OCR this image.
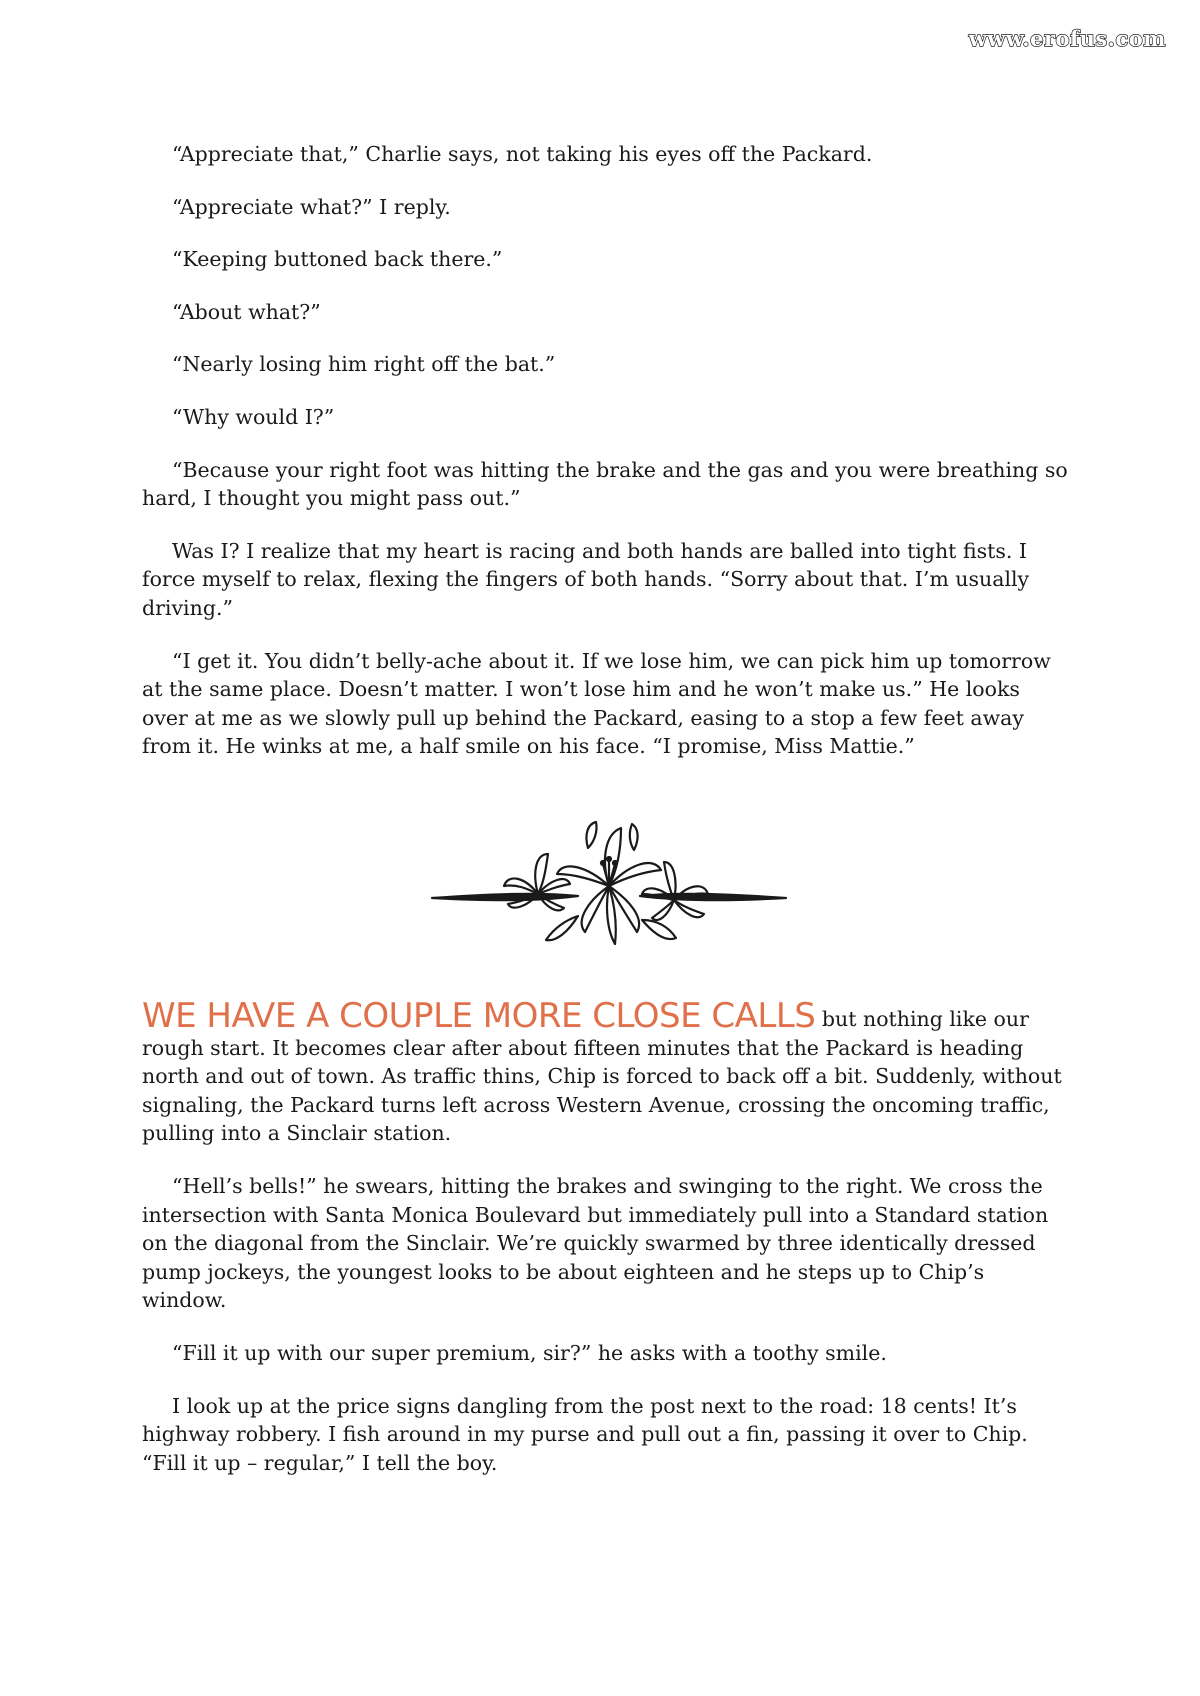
www.erofus.com

“Appreciate that,” Charlie says, not taking his eyes off the Packard.

“Appreciate what?” I reply.

“Keeping buttoned back there.”

“About what?”

“Nearly losing him right off the bat.”

“Why would I?”

“Because your right foot was hitting the brake and the gas and you were breathing so hard, I thought you might pass out.”

Was I? I realize that my heart is racing and both hands are balled into tight fists. I force myself to relax, flexing the fingers of both hands. “Sorry about that. I’m usually driving.”

“I get it. You didn’t belly-ache about it. If we lose him, we can pick him up tomorrow at the same place. Doesn’t matter. I won’t lose him and he won’t make us.” He looks over at me as we slowly pull up behind the Packard, easing to a stop a few feet away from it. He winks at me, a half smile on his face. “I promise, Miss Mattie.”

WE HAVE A COUPLE MORE CLOSE CALLS but nothing like our rough start. It becomes clear after about fifteen minutes that the Packard is heading north and out of town. As traffic thins, Chip is forced to back off a bit. Suddenly, without signaling, the Packard turns left across Western Avenue, crossing the oncoming traffic, pulling into a Sinclair station.

“Hell’s bells!” he swears, hitting the brakes and swinging to the right. We cross the intersection with Santa Monica Boulevard but immediately pull into a Standard station on the diagonal from the Sinclair. We’re quickly swarmed by three identically dressed pump jockeys, the youngest looks to be about eighteen and he steps up to Chip’s window.

“Fill it up with our super premium, sir?” he asks with a toothy smile.

I look up at the price signs dangling from the post next to the road: 18 cents! It’s highway robbery. I fish around in my purse and pull out a fin, passing it over to Chip. “Fill it up – regular,” I tell the boy.
